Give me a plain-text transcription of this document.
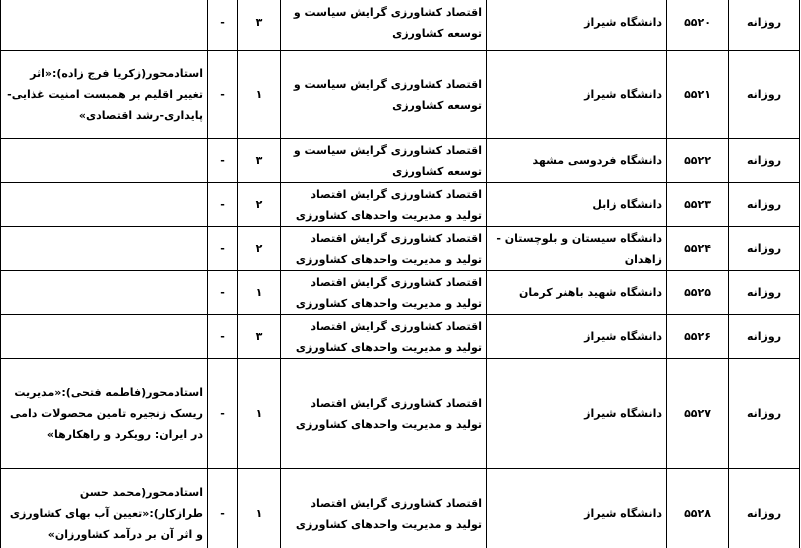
روزانه	۵۵۲۰	دانشگاه شیراز	اقتصاد کشاورزی گرایش سیاست و توسعه کشاورزی	۳	-	
روزانه	۵۵۲۱	دانشگاه شیراز	اقتصاد کشاورزی گرایش سیاست و توسعه کشاورزی	۱	-	استادمحور(زکریا فرج زاده):«اثر تغییر اقلیم بر همبست امنیت غذایی-پایداری-رشد اقتصادی»
روزانه	۵۵۲۲	دانشگاه فردوسی مشهد	اقتصاد کشاورزی گرایش سیاست و توسعه کشاورزی	۳	-	
روزانه	۵۵۲۳	دانشگاه زابل	اقتصاد کشاورزی گرایش اقتصاد تولید و مدیریت واحدهای کشاورزی	۲	-	
روزانه	۵۵۲۴	دانشگاه سیستان و بلوچستان - زاهدان	اقتصاد کشاورزی گرایش اقتصاد تولید و مدیریت واحدهای کشاورزی	۲	-	
روزانه	۵۵۲۵	دانشگاه شهید باهنر کرمان	اقتصاد کشاورزی گرایش اقتصاد تولید و مدیریت واحدهای کشاورزی	۱	-	
روزانه	۵۵۲۶	دانشگاه شیراز	اقتصاد کشاورزی گرایش اقتصاد تولید و مدیریت واحدهای کشاورزی	۳	-	
روزانه	۵۵۲۷	دانشگاه شیراز	اقتصاد کشاورزی گرایش اقتصاد تولید و مدیریت واحدهای کشاورزی	۱	-	استادمحور(فاطمه فتحی):«مدیریت ریسک زنجیره تامین محصولات دامی در ایران: رویکرد و راهکارها»
روزانه	۵۵۲۸	دانشگاه شیراز	اقتصاد کشاورزی گرایش اقتصاد تولید و مدیریت واحدهای کشاورزی	۱	-	استادمحور(محمد حسن طرازکار):«تعیین آب بهای کشاورزی و اثر آن بر درآمد کشاورزان»
